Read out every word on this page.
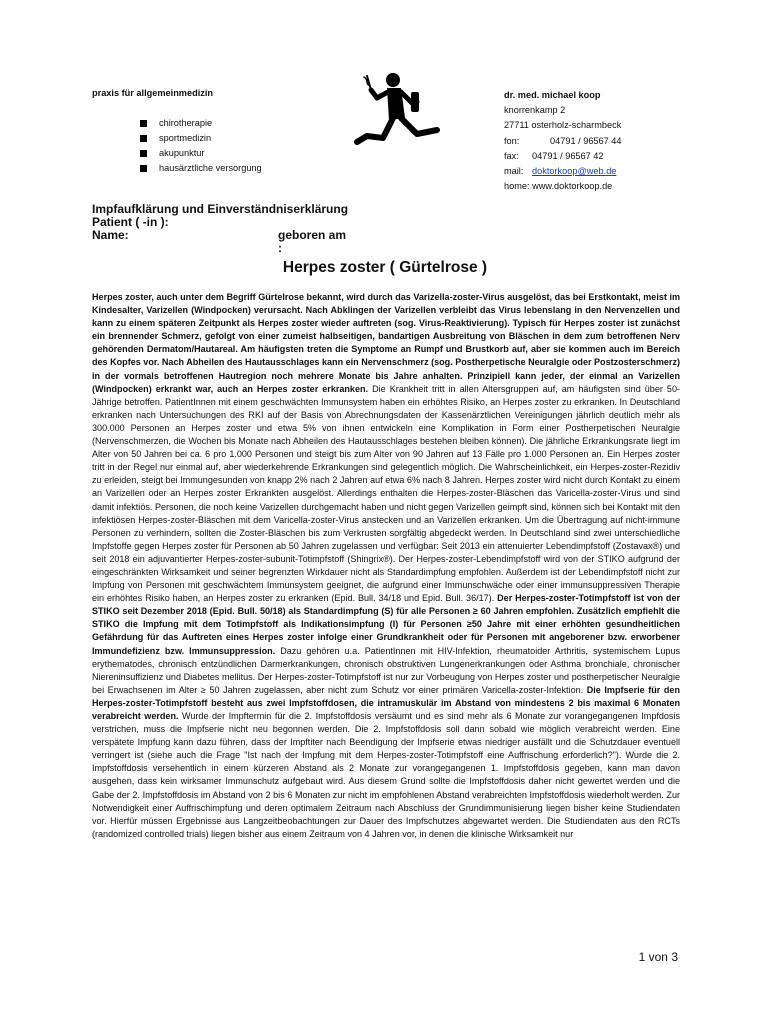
praxis für allgemeinmedizin
chirotherapie
sportmedizin
akupunktur
hausärztliche versorgung
dr. med. michael koop
knorrenkamp 2
27711 osterholz-scharmbeck
fon:	04791 / 96567 44
fax: 04791 / 96567 42
mail: doktorkoop@web.de
home: www.doktorkoop.de
Impfaufklärung und Einverständniserklärung
Patient ( -in ):
Name:	geboren am :
Herpes zoster ( Gürtelrose )

Herpes zoster, auch unter dem Begriff Gürtelrose bekannt, wird durch das Varizella-zoster-Virus ausgelöst, das bei Erstkontakt, meist im Kindesalter, Varizellen (Windpocken) verursacht. Nach Abklingen der Varizellen verbleibt das Virus lebenslang in den Nervenzellen und kann zu einem späteren Zeitpunkt als Herpes zoster wieder auftreten (sog. Virus-Reaktivierung). Typisch für Herpes zoster ist zunächst ein brennender Schmerz, gefolgt von einer zumeist halbseitigen, bandartigen Ausbreitung von Bläschen in dem zum betroffenen Nerv gehörenden Dermatom/Hautareal. Am häufigsten treten die Symptome an Rumpf und Brustkorb auf, aber sie kommen auch im Bereich des Kopfes vor. Nach Abheilen des Hautausschlages kann ein Nervenschmerz (sog. Postherpetische Neuralgie oder Postzosterschmerz) in der vormals betroffenen Hautregion noch mehrere Monate bis Jahre anhalten. Prinzipiell kann jeder, der einmal an Varizellen (Windpocken) erkrankt war, auch an Herpes zoster erkranken. Die Krankheit tritt in allen Altersgruppen auf, am häufigsten sind über 50-Jährige betroffen. PatientInnen mit einem geschwächten Immunsystem haben ein erhöhtes Risiko, an Herpes zoster zu erkranken. In Deutschland erkranken nach Untersuchungen des RKI auf der Basis von Abrechnungsdaten der Kassenärztlichen Vereinigungen jährlich deutlich mehr als 300.000 Personen an Herpes zoster und etwa 5% von ihnen entwickeln eine Komplikation in Form einer Postherpetischen Neuralgie (Nervenschmerzen, die Wochen bis Monate nach Abheilen des Hautausschlages bestehen bleiben können). Die jährliche Erkrankungsrate liegt im Alter von 50 Jahren bei ca. 6 pro 1.000 Personen und steigt bis zum Alter von 90 Jahren auf 13 Fälle pro 1.000 Personen an. Ein Herpes zoster tritt in der Regel nur einmal auf, aber wiederkehrende Erkrankungen sind gelegentlich möglich. Die Wahrscheinlichkeit, ein Herpes-zoster-Rezidiv zu erleiden, steigt bei Immungesunden von knapp 2% nach 2 Jahren auf etwa 6% nach 8 Jahren. Herpes zoster wird nicht durch Kontakt zu einem an Varizellen oder an Herpes zoster Erkrankten ausgelöst. Allerdings enthalten die Herpes-zoster-Bläschen das Varicella-zoster-Virus und sind damit infektiös. Personen, die noch keine Varizellen durchgemacht haben und nicht gegen Varizellen geimpft sind, können sich bei Kontakt mit den infektiösen Herpes-zoster-Bläschen mit dem Varicella-zoster-Virus anstecken und an Varizellen erkranken. Um die Übertragung auf nicht-immune Personen zu verhindern, sollten die Zoster-Bläschen bis zum Verkrusten sorgfältig abgedeckt werden. In Deutschland sind zwei unterschiedliche Impfstoffe gegen Herpes zoster für Personen ab 50 Jahren zugelassen und verfügbar: Seit 2013 ein attenuierter Lebendimpfstoff (Zostavax®) und seit 2018 ein adjuvantierter Herpes-zoster-subunit-Totimpfstoff (Shingrix®). Der Herpes-zoster-Lebendimpfstoff wird von der STIKO aufgrund der eingeschränkten Wirksamkeit und seiner begrenzten Wirkdauer nicht als Standardimpfung empfohlen. Außerdem ist der Lebendimpfstoff nicht zur Impfung von Personen mit geschwächtem Immunsystem geeignet, die aufgrund einer Immunschwäche oder einer immunsuppressiven Therapie ein erhöhtes Risiko haben, an Herpes zoster zu erkranken (Epid. Bull. 34/18 und Epid. Bull. 36/17). Der Herpes-zoster-Totimpfstoff ist von der STIKO seit Dezember 2018 (Epid. Bull. 50/18) als Standardimpfung (S) für alle Personen ≥ 60 Jahren empfohlen. Zusätzlich empfiehlt die STIKO die Impfung mit dem Totimpfstoff als Indikationsimpfung (I) für Personen ≥50 Jahre mit einer erhöhten gesundheitlichen Gefährdung für das Auftreten eines Herpes zoster infolge einer Grundkrankheit oder für Personen mit angeborener bzw. erworbener Immundefizienz bzw. Immunsuppression. Dazu gehören u.a. PatientInnen mit HIV-Infektion, rheumatoider Arthritis, systemischem Lupus erythematodes, chronisch entzündlichen Darmerkrankungen, chronisch obstruktiven Lungenerkrankungen oder Asthma bronchiale, chronischer Niereninsuffizienz und Diabetes mellitus. Der Herpes-zoster-Totimpfstoff ist nur zur Vorbeugung von Herpes zoster und postherpetischer Neuralgie bei Erwachsenen im Alter ≥ 50 Jahren zugelassen, aber nicht zum Schutz vor einer primären Varicella-zoster-Infektion. Die Impfserie für den Herpes-zoster-Totimpfstoff besteht aus zwei Impfstoffdosen, die intramuskulär im Abstand von mindestens 2 bis maximal 6 Monaten verabreicht werden. Wurde der Impftermin für die 2. Impfstoffdosis versäumt und es sind mehr als 6 Monate zur vorangegangenen Impfdosis verstrichen, muss die Impfserie nicht neu begonnen werden. Die 2. Impfstoffdosis soll dann sobald wie möglich verabreicht werden. Eine verspätete Impfung kann dazu führen, dass der Impftiter nach Beendigung der Impfserie etwas niedriger ausfällt und die Schutzdauer eventuell verringert ist (siehe auch die Frage "Ist nach der Impfung mit dem Herpes-zoster-Totimpfstoff eine Auffrischung erforderlich?"). Wurde die 2. Impfstoffdosis versehentlich in einem kürzeren Abstand als 2 Monate zur vorangegangenen 1. Impfstoffdosis gegeben, kann man davon ausgehen, dass kein wirksamer Immunschutz aufgebaut wird. Aus diesem Grund sollte die Impfstoffdosis daher nicht gewertet werden und die Gabe der 2. Impfstoffdosis im Abstand von 2 bis 6 Monaten zur nicht im empfohlenen Abstand verabreichten Impfstoffdosis wiederholt werden. Zur Notwendigkeit einer Auffrischimpfung und deren optimalem Zeitraum nach Abschluss der Grundimmunisierung liegen bisher keine Studiendaten vor. Hierfür müssen Ergebnisse aus Langzeitbeobachtungen zur Dauer des Impfschutzes abgewartet werden. Die Studiendaten aus den RCTs (randomized controlled trials) liegen bisher aus einem Zeitraum von 4 Jahren vor, in denen die klinische Wirksamkeit nur

1 von 3
